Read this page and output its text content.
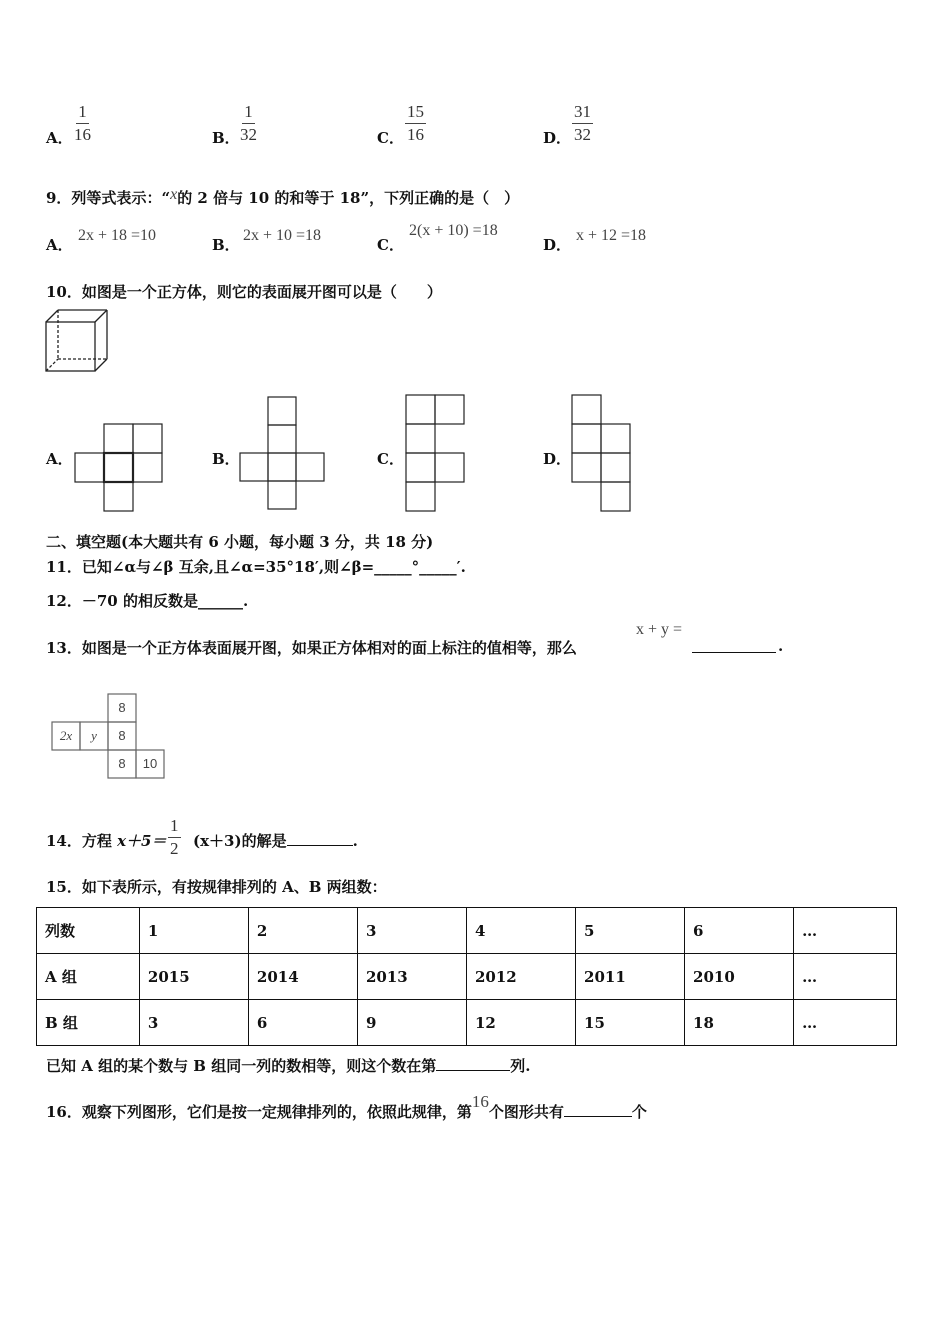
A． $\frac{1}{16}$	B． $\frac{1}{32}$	C． $\frac{15}{16}$	D． $\frac{31}{32}$
9．列等式表示：“x的 2 倍与 10 的和等于 18”，下列正确的是（　）
A．
2x + 18 =10
B．
2x + 10 =18
C．
2(x + 10) =18
D．
x + 12 =18
10．如图是一个正方体，则它的表面展开图可以是（　　）
A．	B．	C．	D．
二、填空题(本大题共有 6 小题，每小题 3 分，共 18 分)
11．已知∠α与∠β 互余,且∠α=35°18′,则∠β=_____°_____′.
12．－70 的相反数是______.
13．如图是一个正方体表面展开图，如果正方体相对的面上标注的值相等，那么
x + y =
.
8
2x	y	8
8	10
14．方程 $x+5= \frac{1}{2} (x+3)$的解是	.
15．如下表所示，有按规律排列的 A、B 两组数：
列数	1	2	3	4	5	6	…
A 组	2015	2014	2013	2012	2011	2010	…
B 组	3	6	9	12	15	18	…
已知 A 组的某个数与 B 组同一列的数相等，则这个数在第	列.
16．观察下列图形，它们是按一定规律排列的，依照此规律，第16个图形共有	个
